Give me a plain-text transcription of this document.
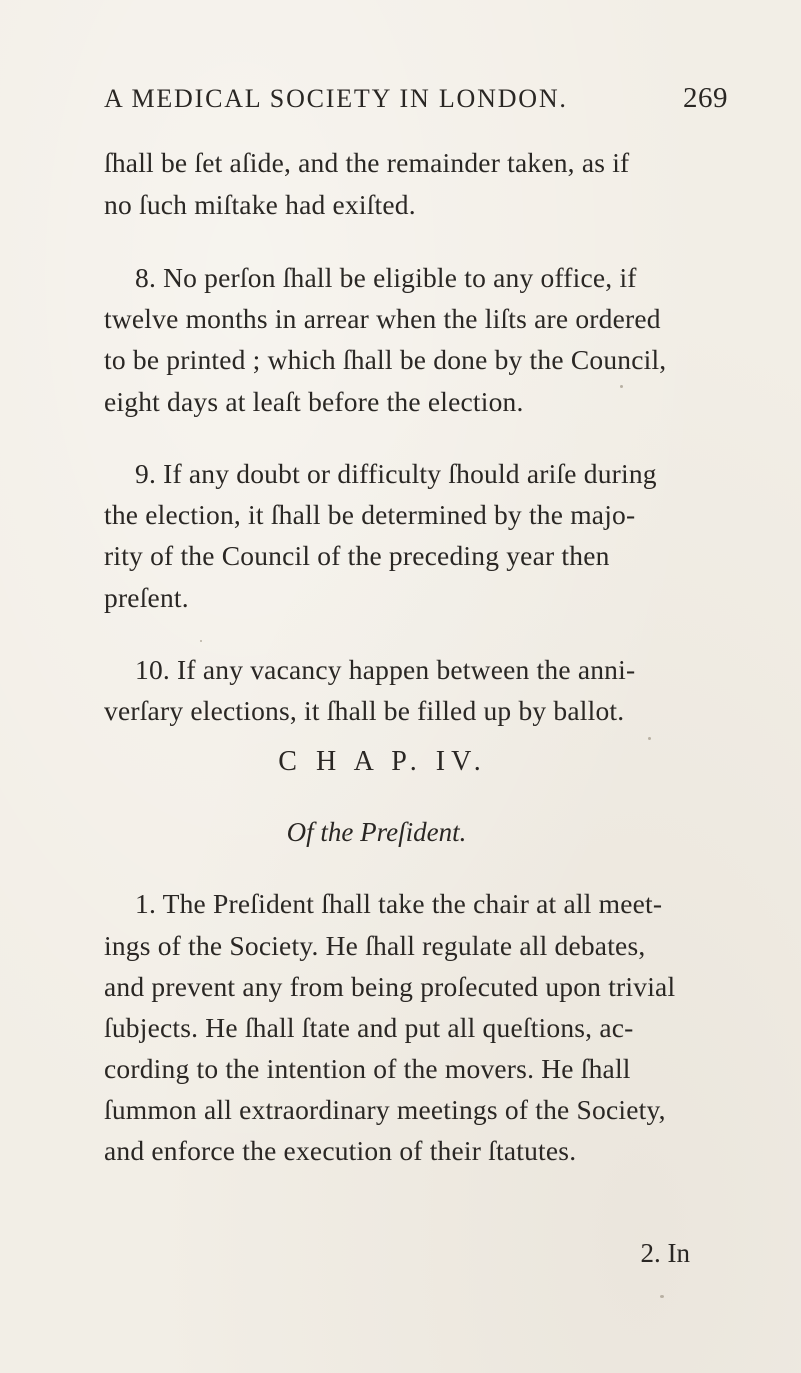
A MEDICAL SOCIETY IN LONDON.	269
ſhall be ſet aſide, and the remainder taken, as if
no ſuch miſtake had exiſted.
8. No perſon ſhall be eligible to any office, if
twelve months in arrear when the liſts are ordered
to be printed ; which ſhall be done by the Council,
eight days at leaſt before the election.
9. If any doubt or difficulty ſhould ariſe during
the election, it ſhall be determined by the majo-
rity of the Council of the preceding year then
preſent.
10. If any vacancy happen between the anni-
verſary elections, it ſhall be filled up by ballot.
C H A P. IV.
Of the Preſident.
1. The Preſident ſhall take the chair at all meet-
ings of the Society. He ſhall regulate all debates,
and prevent any from being proſecuted upon trivial
ſubjects. He ſhall ſtate and put all queſtions, ac-
cording to the intention of the movers. He ſhall
ſummon all extraordinary meetings of the Society,
and enforce the execution of their ſtatutes.
2. In
